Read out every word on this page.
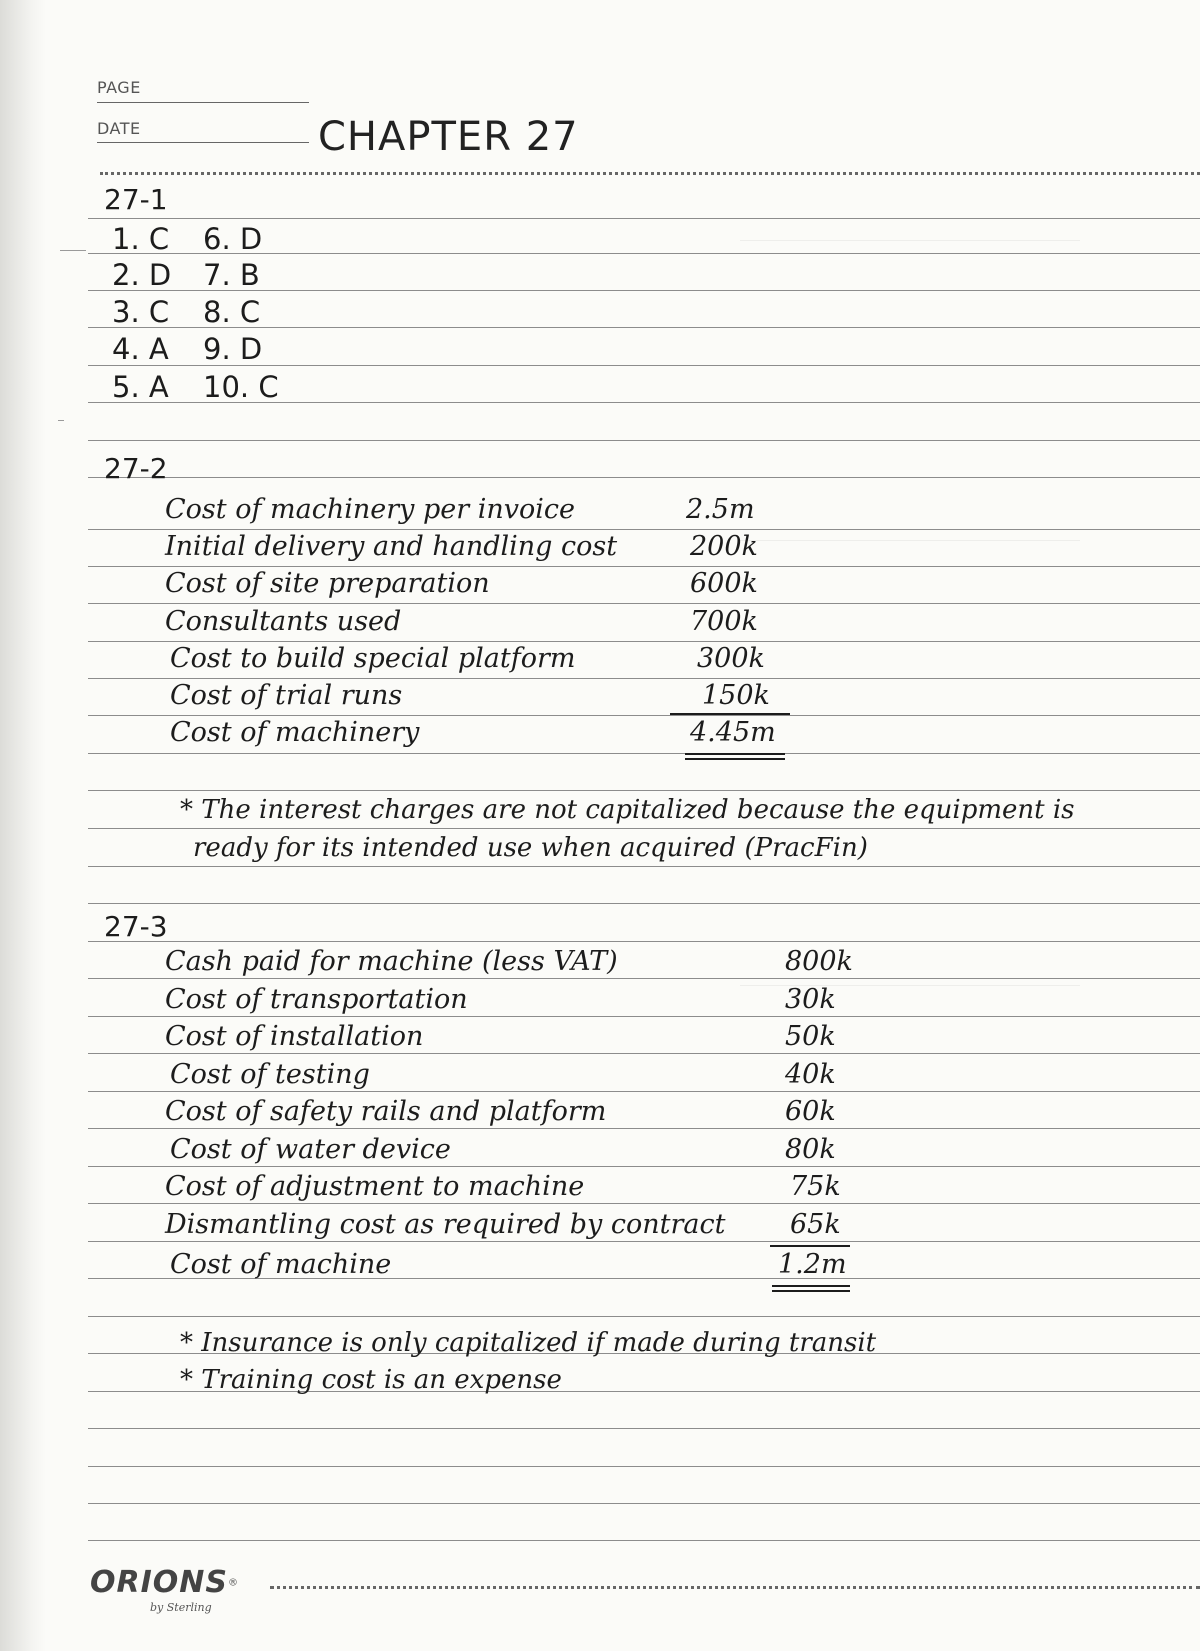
PAGE
DATE	CHAPTER 27
27-1
1. C 6. D
2. D 7. B
3. C 8. C
4. A 9. D
5. A 10. C
27-2
Cost of machinery per invoice	2.5m
Initial delivery and handling cost	200k
Cost of site preparation	600k
Consultants used	700k
Cost to build special platform	300k
Cost of trial runs	150k
Cost of machinery	4.45m
* The interest charges are not capitalized because the equipment is
ready for its intended use when acquired (PracFin)
27-3
Cash paid for machine (less VAT)	800k
Cost of transportation	30k
Cost of installation	50k
Cost of testing	40k
Cost of safety rails and platform	60k
Cost of water device	80k
Cost of adjustment to machine	75k
Dismantling cost as required by contract 65k
Cost of machine	1.2m
* Insurance is only capitalized if made during transit
* Training cost is an expense
ORIONS®
by Sterling
